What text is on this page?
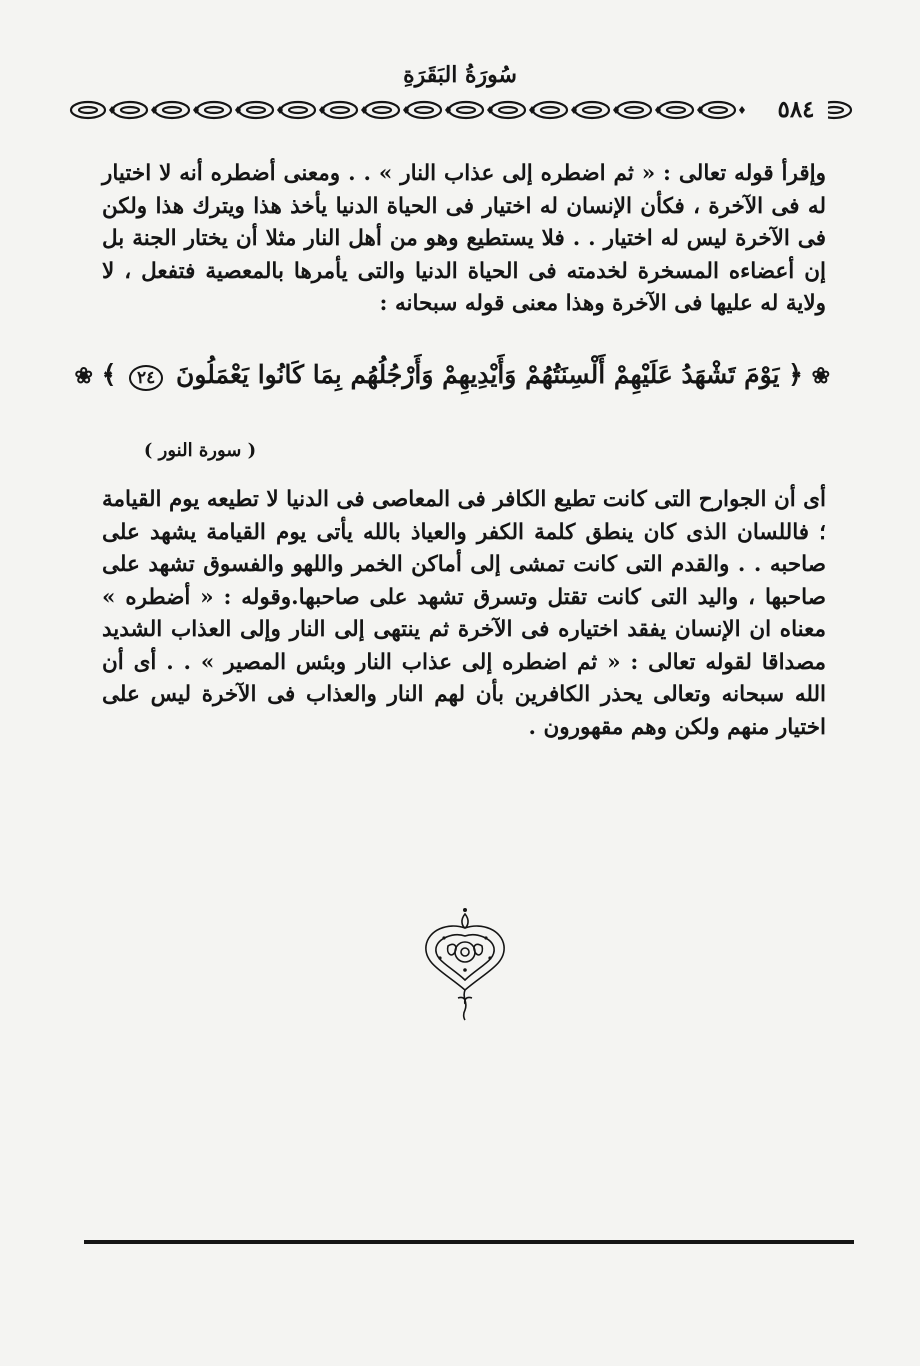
سُورَةُ البَقَرَةِ
٥٨٤
وإقرأ قوله تعالى : « ثم اضطره إلى عذاب النار » . . ومعنى أضطره أنه لا اختيار له فى الآخرة ، فكأن الإنسان له اختيار فى الحياة الدنيا يأخذ هذا ويترك هذا ولكن فى الآخرة ليس له اختيار . . فلا يستطيع وهو من أهل النار مثلا أن يختار الجنة بل إن أعضاءه المسخرة لخدمته فى الحياة الدنيا والتى يأمرها بالمعصية فتفعل ، لا ولاية له عليها فى الآخرة وهذا معنى قوله سبحانه :
❀ ﴿ يَوْمَ تَشْهَدُ عَلَيْهِمْ أَلْسِنَتُهُمْ وَأَيْدِيهِمْ وَأَرْجُلُهُم بِمَا كَانُوا يَعْمَلُونَ ٢٤ ﴾ ❀
( سورة النور )
أى أن الجوارح التى كانت تطيع الكافر فى المعاصى فى الدنيا لا تطيعه يوم القيامة ؛ فاللسان الذى كان ينطق كلمة الكفر والعياذ بالله يأتى يوم القيامة يشهد على صاحبه . . والقدم التى كانت تمشى إلى أماكن الخمر واللهو والفسوق تشهد على صاحبها ، واليد التى كانت تقتل وتسرق تشهد على صاحبها.وقوله : « أضطره » معناه ان الإنسان يفقد اختياره فى الآخرة ثم ينتهى إلى النار وإلى العذاب الشديد مصداقا لقوله تعالى : « ثم اضطره إلى عذاب النار وبئس المصير » . . أى أن الله سبحانه وتعالى يحذر الكافرين بأن لهم النار والعذاب فى الآخرة ليس على اختيار منهم ولكن وهم مقهورون .
